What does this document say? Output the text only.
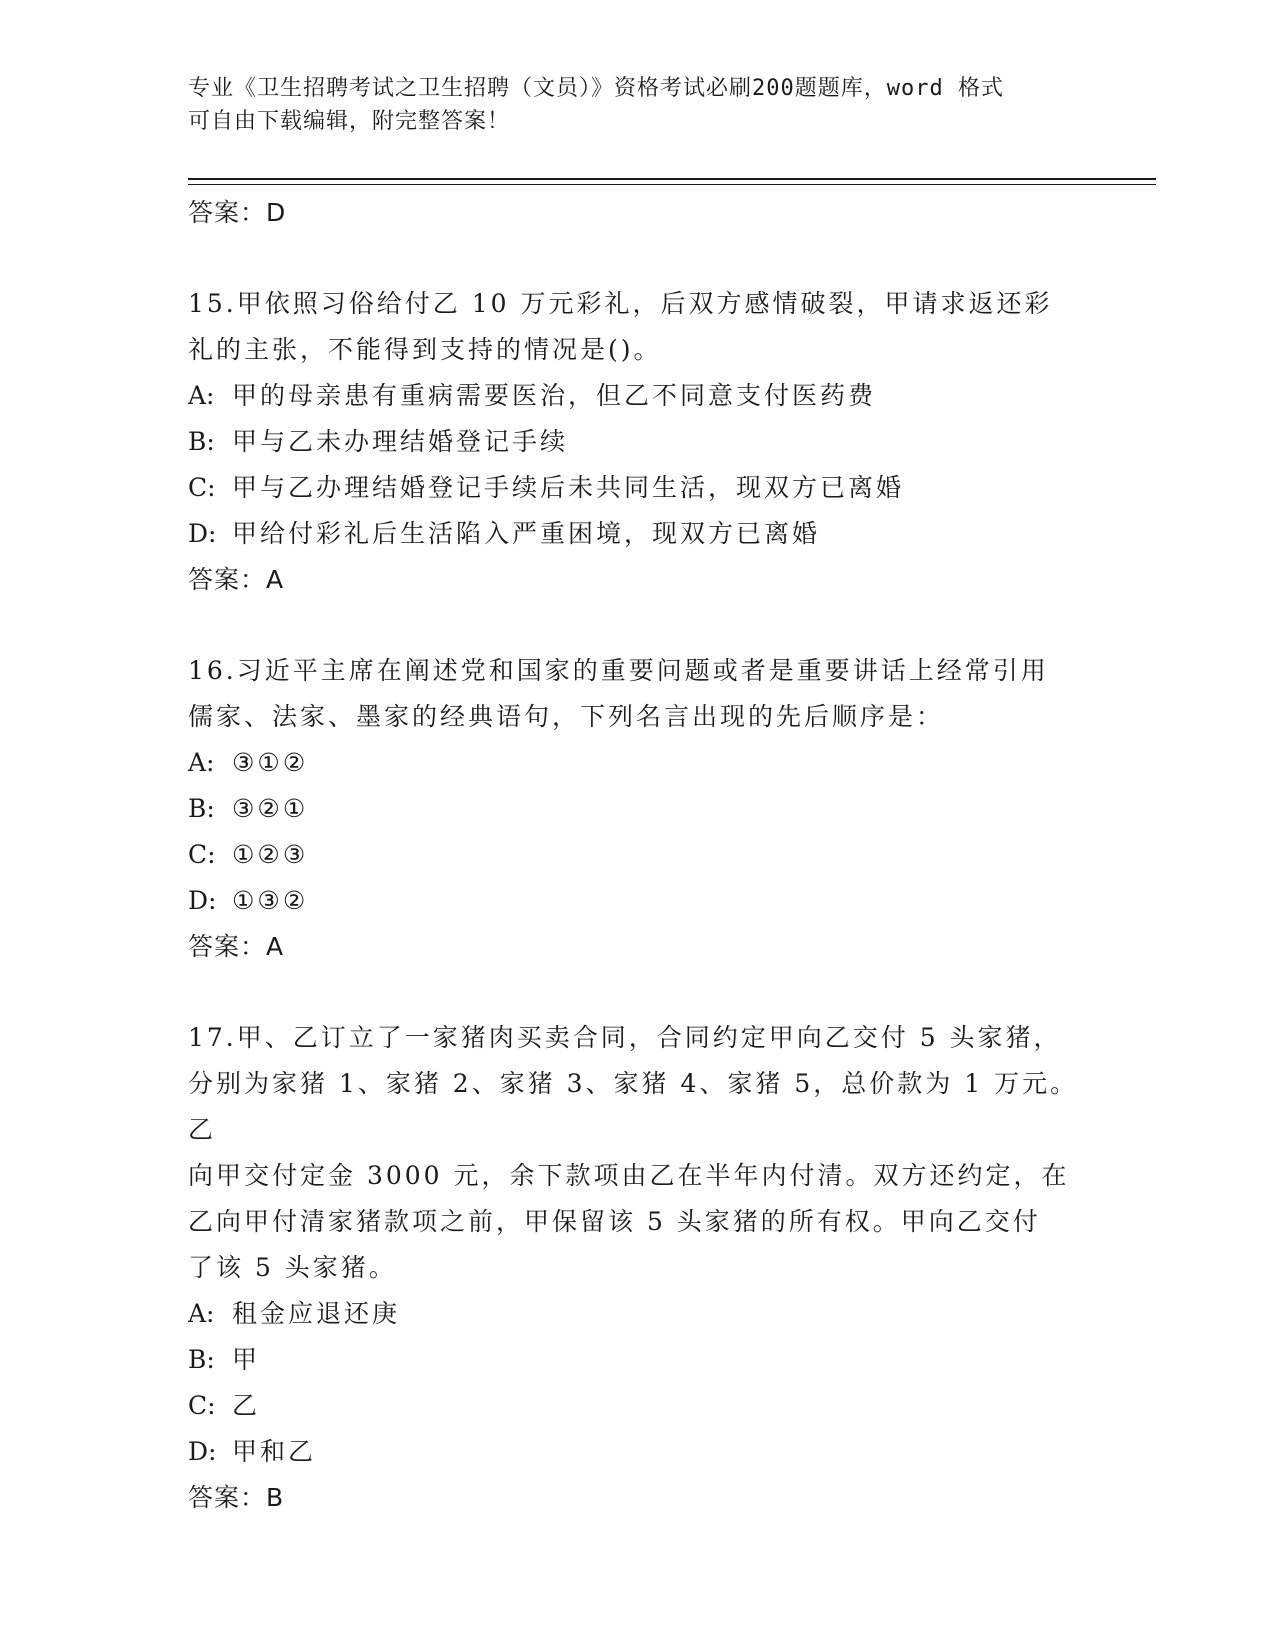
专业《卫生招聘考试之卫生招聘（文员）》资格考试必刷200题题库，word 格式
可自由下载编辑，附完整答案！
答案：D
15.甲依照习俗给付乙 10 万元彩礼，后双方感情破裂，甲请求返还彩
礼的主张，不能得到支持的情况是()。
A: 甲的母亲患有重病需要医治，但乙不同意支付医药费
B: 甲与乙未办理结婚登记手续
C: 甲与乙办理结婚登记手续后未共同生活，现双方已离婚
D: 甲给付彩礼后生活陷入严重困境，现双方已离婚
答案：A
16.习近平主席在阐述党和国家的重要问题或者是重要讲话上经常引用
儒家、法家、墨家的经典语句，下列名言出现的先后顺序是：
A: ③①②
B: ③②①
C: ①②③
D: ①③②
答案：A
17.甲、乙订立了一家猪肉买卖合同，合同约定甲向乙交付 5 头家猪，
分别为家猪 1、家猪 2、家猪 3、家猪 4、家猪 5，总价款为 1 万元。乙
向甲交付定金 3000 元，余下款项由乙在半年内付清。双方还约定，在
乙向甲付清家猪款项之前，甲保留该 5 头家猪的所有权。甲向乙交付
了该 5 头家猪。
A: 租金应退还庚
B: 甲
C: 乙
D: 甲和乙
答案：B
